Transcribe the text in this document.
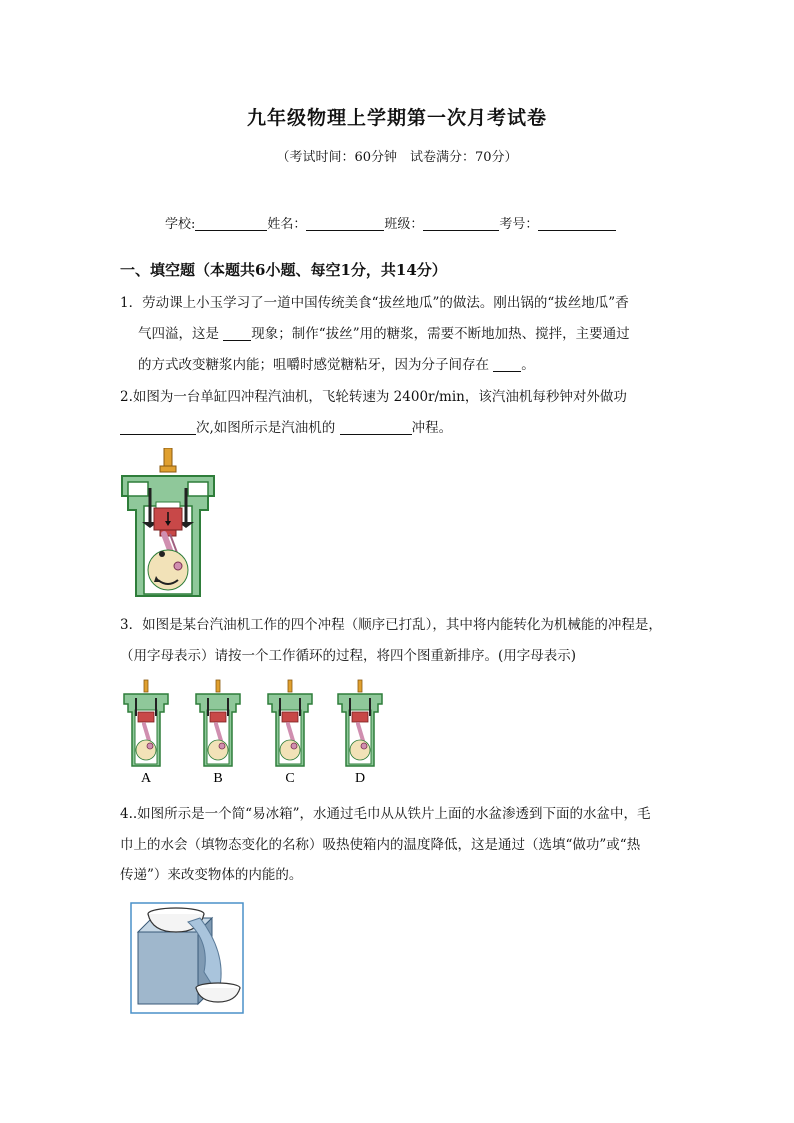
九年级物理上学期第一次月考试卷
（考试时间：60分钟　试卷满分：70分）
学校:	姓名：	班级：	考号：
一、填空题（本题共6小题、每空1分，共14分）
1．劳动课上小玉学习了一道中国传统美食“拔丝地瓜”的做法。刚出锅的“拔丝地瓜”香
气四溢，这是 现象；制作“拔丝”用的糖浆，需要不断地加热、搅拌，主要通过
的方式改变糖浆内能；咀嚼时感觉糖粘牙，因为分子间存在 。
2.如图为一台单缸四冲程汽油机，飞轮转速为 2400r/min，该汽油机每秒钟对外做功
次,如图所示是汽油机的	冲程。
3．如图是某台汽油机工作的四个冲程（顺序已打乱），其中将内能转化为机械能的冲程是，
（用字母表示）请按一个工作循环的过程，将四个图重新排序。(用字母表示)
A	B	C	D
4..如图所示是一个简“易冰箱”，水通过毛巾从从铁片上面的水盆渗透到下面的水盆中，毛
巾上的水会（填物态变化的名称）吸热使箱内的温度降低，这是通过（选填“做功”或“热
传递”）来改变物体的内能的。
